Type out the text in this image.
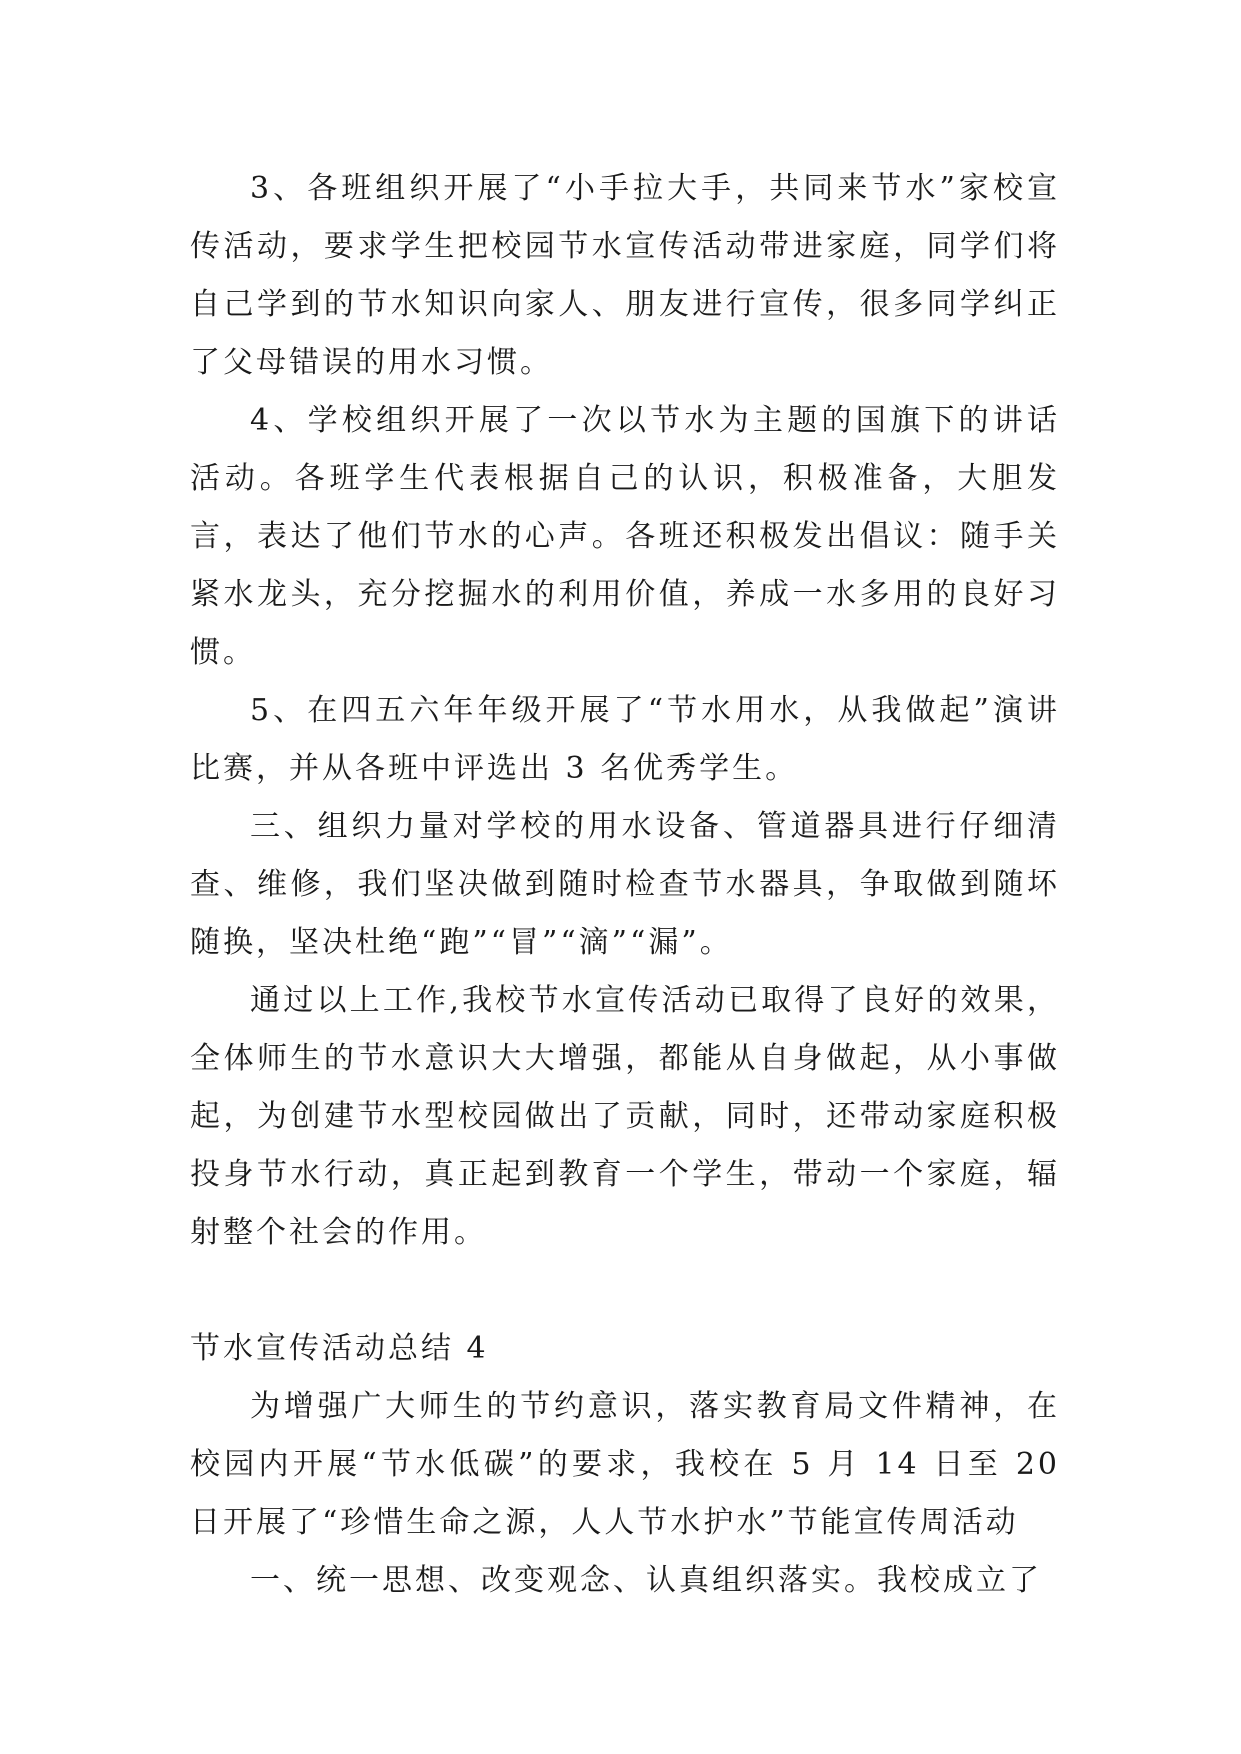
3、各班组织开展了“小手拉大手，共同来节水”家校宣传活动，要求学生把校园节水宣传活动带进家庭，同学们将自己学到的节水知识向家人、朋友进行宣传，很多同学纠正了父母错误的用水习惯。

4、学校组织开展了一次以节水为主题的国旗下的讲话活动。各班学生代表根据自己的认识，积极准备，大胆发言，表达了他们节水的心声。各班还积极发出倡议：随手关紧水龙头，充分挖掘水的利用价值，养成一水多用的良好习惯。

5、在四五六年年级开展了“节水用水，从我做起”演讲比赛，并从各班中评选出 3 名优秀学生。

三、组织力量对学校的用水设备、管道器具进行仔细清查、维修，我们坚决做到随时检查节水器具，争取做到随坏随换，坚决杜绝“跑”“冒”“滴”“漏”。

通过以上工作,我校节水宣传活动已取得了良好的效果，全体师生的节水意识大大增强，都能从自身做起，从小事做起，为创建节水型校园做出了贡献，同时，还带动家庭积极投身节水行动，真正起到教育一个学生，带动一个家庭，辐射整个社会的作用。

节水宣传活动总结 4

为增强广大师生的节约意识，落实教育局文件精神，在校园内开展“节水低碳”的要求，我校在 5 月 14 日至 20 日开展了“珍惜生命之源，人人节水护水”节能宣传周活动

一、统一思想、改变观念、认真组织落实。我校成立了
